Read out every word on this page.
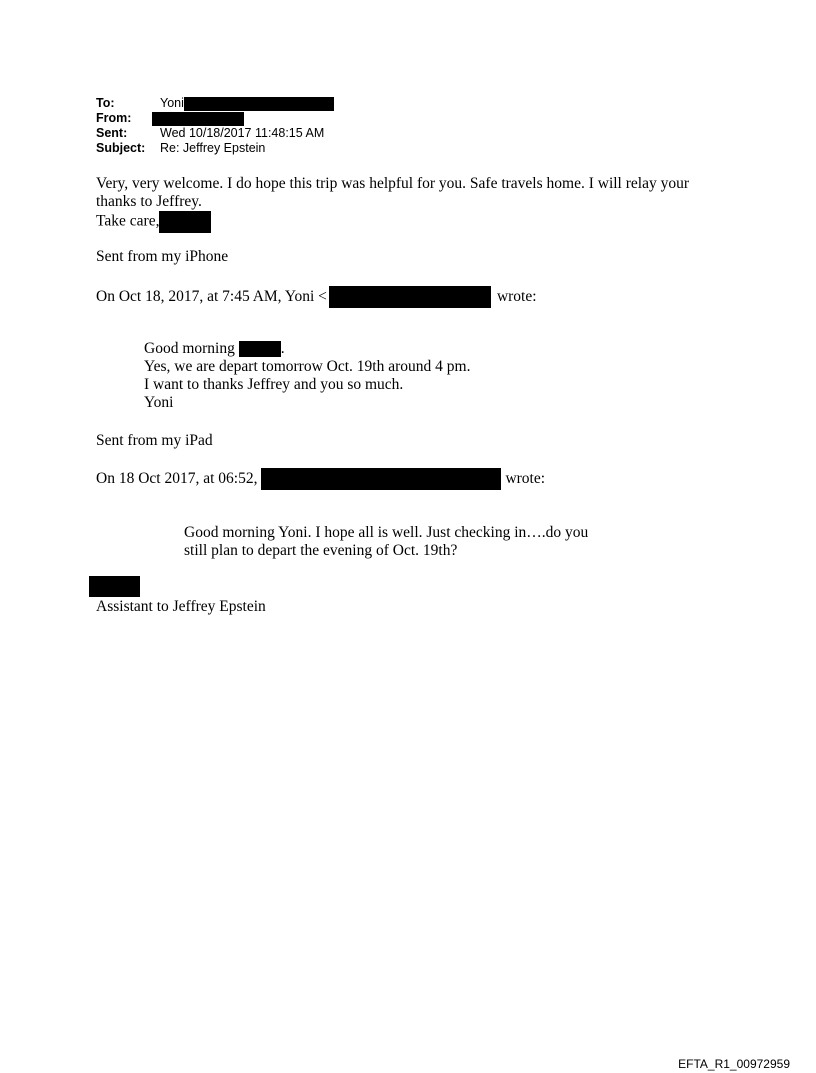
To:	Yoni
From:
Sent:	Wed 10/18/2017 11:48:15 AM
Subject:	Re: Jeffrey Epstein
Very, very welcome. I do hope this trip was helpful for you. Safe travels home. I will relay your
thanks to Jeffrey.
Take care,
Sent from my iPhone
On Oct 18, 2017, at 7:45 AM, Yoni <	wrote:
Good morning	.
Yes, we are depart tomorrow Oct. 19th around 4 pm.
I want to thanks Jeffrey and you so much.
Yoni
Sent from my iPad
On 18 Oct 2017, at 06:52,	wrote:
Good morning Yoni. I hope all is well. Just checking in….do you
still plan to depart the evening of Oct. 19th?
Assistant to Jeffrey Epstein
EFTA_R1_00972959
